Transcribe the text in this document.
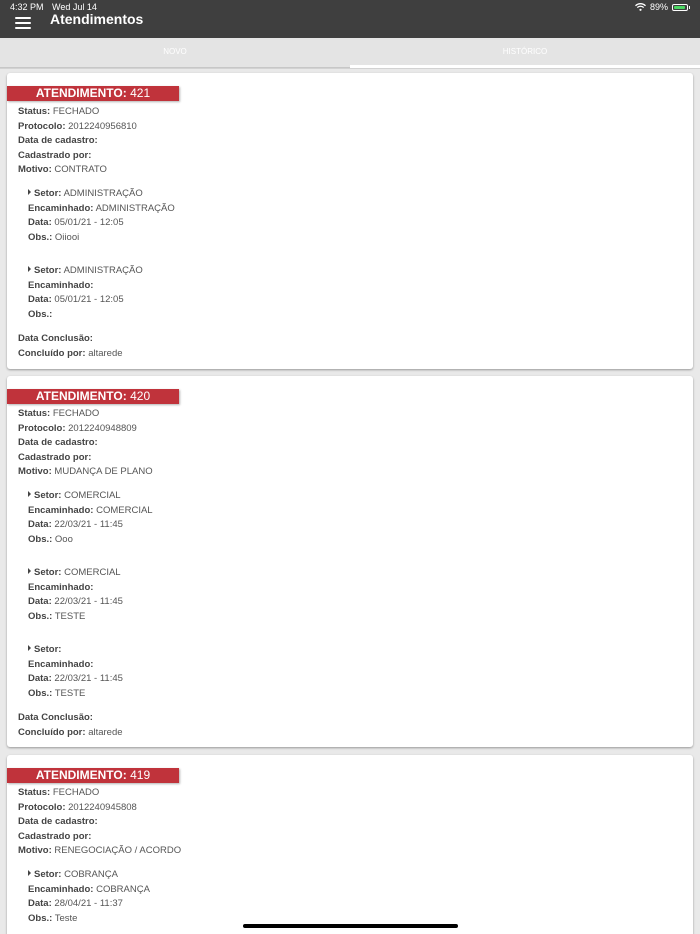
4:32 PM Wed Jul 14	89%
Atendimentos
NOVO	HISTÓRICO
ATENDIMENTO: 421
Status: FECHADO
Protocolo: 2012240956810
Data de cadastro:
Cadastrado por:
Motivo: CONTRATO
Setor: ADMINISTRAÇÃO
Encaminhado: ADMINISTRAÇÃO
Data: 05/01/21 - 12:05
Obs.: Oiiooi
Setor: ADMINISTRAÇÃO
Encaminhado:
Data: 05/01/21 - 12:05
Obs.:
Data Conclusão:
Concluído por: altarede
ATENDIMENTO: 420
Status: FECHADO
Protocolo: 2012240948809
Data de cadastro:
Cadastrado por:
Motivo: MUDANÇA DE PLANO
Setor: COMERCIAL
Encaminhado: COMERCIAL
Data: 22/03/21 - 11:45
Obs.: Ooo
Setor: COMERCIAL
Encaminhado:
Data: 22/03/21 - 11:45
Obs.: TESTE
Setor:
Encaminhado:
Data: 22/03/21 - 11:45
Obs.: TESTE
Data Conclusão:
Concluído por: altarede
ATENDIMENTO: 419
Status: FECHADO
Protocolo: 2012240945808
Data de cadastro:
Cadastrado por:
Motivo: RENEGOCIAÇÃO / ACORDO
Setor: COBRANÇA
Encaminhado: COBRANÇA
Data: 28/04/21 - 11:37
Obs.: Teste
